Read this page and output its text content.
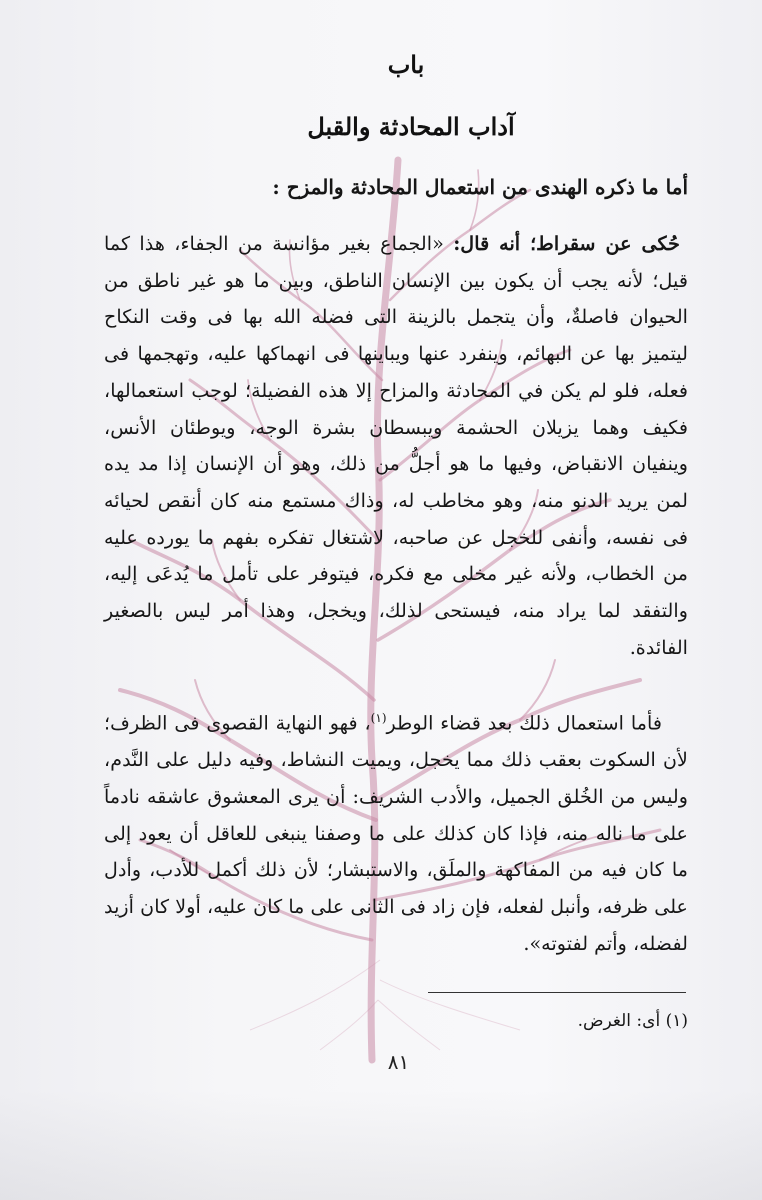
باب
آداب المحادثة والقبل
أما ما ذكره الهندى من استعمال المحادثة والمزح :
حُكى عن سقراط؛ أنه قال: «الجماع بغير مؤانسة من الجفاء، هذا كما قيل؛ لأنه يجب أن يكون بين الإنسان الناطق، وبين ما هو غير ناطق من الحيوان فاصلةٌ، وأن يتجمل بالزينة التى فضله الله بها فى وقت النكاح ليتميز بها عن البهائم، وينفرد عنها ويباينها فى انهماكها عليه، وتهجمها فى فعله، فلو لم يكن في المحادثة والمزاح إلا هذه الفضيلة؛ لوجب استعمالها، فكيف وهما يزيلان الحشمة ويبسطان بشرة الوجه، ويوطئان الأنس، وينفيان الانقباض، وفيها ما هو أجلُّ من ذلك، وهو أن الإنسان إذا مد يده لمن يريد الدنو منه، وهو مخاطب له، وذاك مستمع منه كان أنقص لحيائه فى نفسه، وأنفى للخجل عن صاحبه، لاشتغال تفكره بفهم ما يورده عليه من الخطاب، ولأنه غير مخلى مع فكره، فيتوفر على تأمل ما يُدعَى إليه، والتفقد لما يراد منه، فيستحى لذلك، ويخجل، وهذا أمر ليس بالصغير الفائدة.
فأما استعمال ذلك بعد قضاء الوطر$^{(١)}$، فهو النهاية القصوى فى الظرف؛ لأن السكوت بعقب ذلك مما يخجل، ويميت النشاط، وفيه دليل على النَّدم، وليس من الخُلق الجميل، والأدب الشريف: أن يرى المعشوق عاشقه نادماً على ما ناله منه، فإذا كان كذلك على ما وصفنا ينبغى للعاقل أن يعود إلى ما كان فيه من المفاكهة والملَق، والاستبشار؛ لأن ذلك أكمل للأدب، وأدل على ظرفه، وأنبل لفعله، فإن زاد فى الثانى على ما كان عليه، أولا كان أزيد لفضله، وأتم لفتوته».
(١) أى: الغرض.
٨١
